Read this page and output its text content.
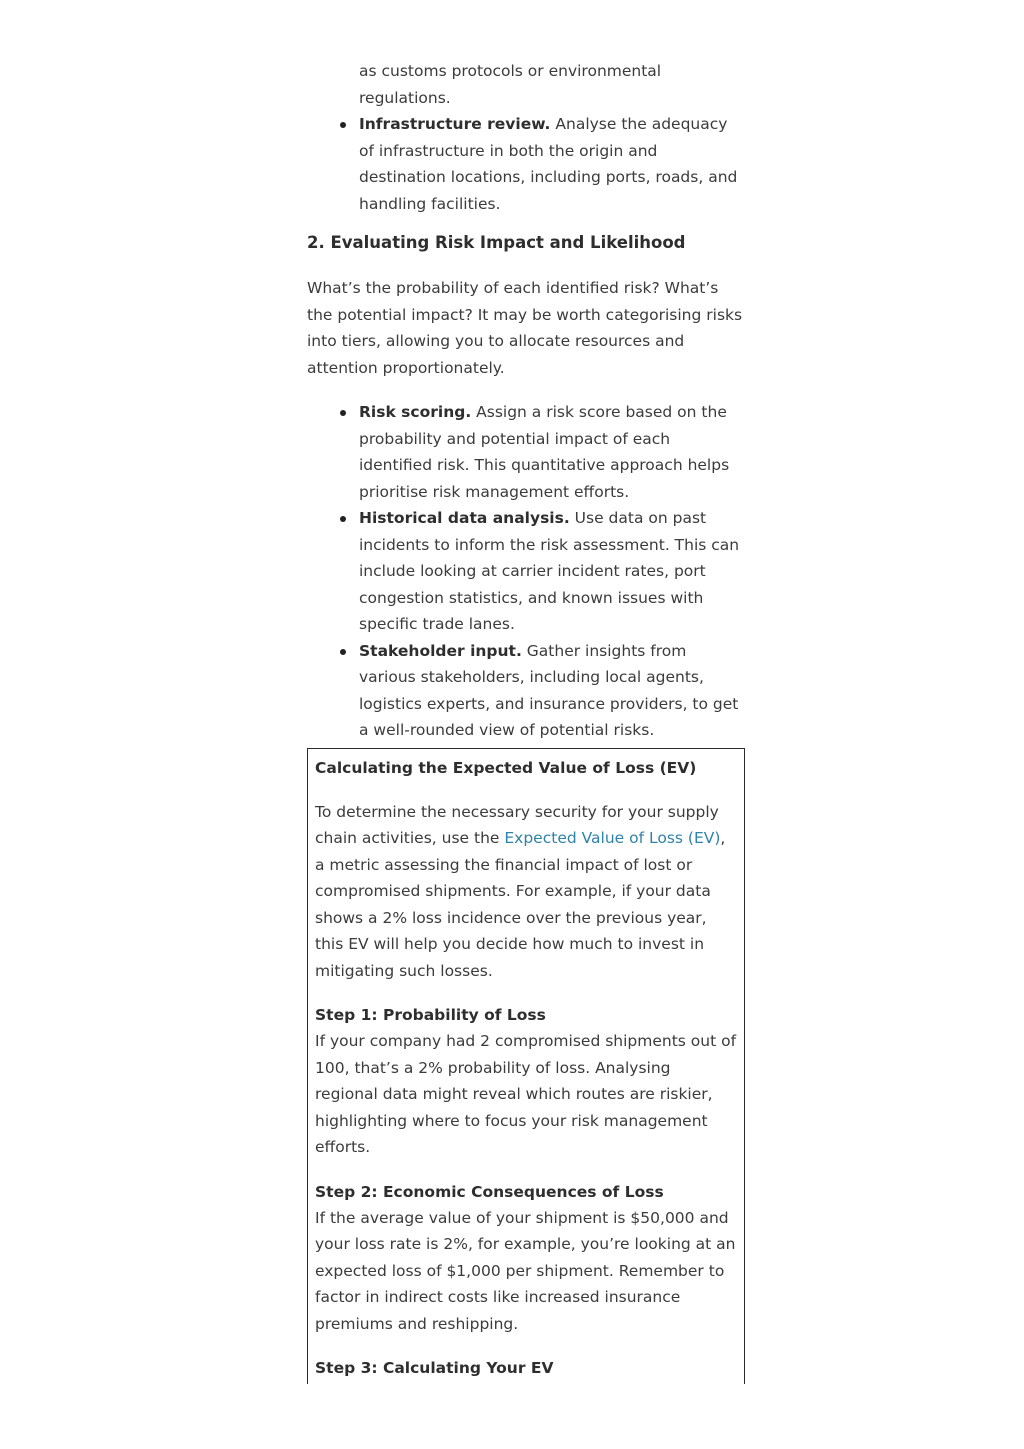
as customs protocols or environmental regulations.
Infrastructure review. Analyse the adequacy of infrastructure in both the origin and destination locations, including ports, roads, and handling facilities.
2. Evaluating Risk Impact and Likelihood

What’s the probability of each identified risk? What’s the potential impact? It may be worth categorising risks into tiers, allowing you to allocate resources and attention proportionately.

Risk scoring. Assign a risk score based on the probability and potential impact of each identified risk. This quantitative approach helps prioritise risk management efforts.
Historical data analysis. Use data on past incidents to inform the risk assessment. This can include looking at carrier incident rates, port congestion statistics, and known issues with specific trade lanes.
Stakeholder input. Gather insights from various stakeholders, including local agents, logistics experts, and insurance providers, to get a well-rounded view of potential risks.
Calculating the Expected Value of Loss (EV)

To determine the necessary security for your supply chain activities, use the Expected Value of Loss (EV), a metric assessing the financial impact of lost or compromised shipments. For example, if your data shows a 2% loss incidence over the previous year, this EV will help you decide how much to invest in mitigating such losses.

Step 1: Probability of Loss

If your company had 2 compromised shipments out of 100, that’s a 2% probability of loss. Analysing regional data might reveal which routes are riskier, highlighting where to focus your risk management efforts.

Step 2: Economic Consequences of Loss

If the average value of your shipment is $50,000 and your loss rate is 2%, for example, you’re looking at an expected loss of $1,000 per shipment. Remember to factor in indirect costs like increased insurance premiums and reshipping.

Step 3: Calculating Your EV
